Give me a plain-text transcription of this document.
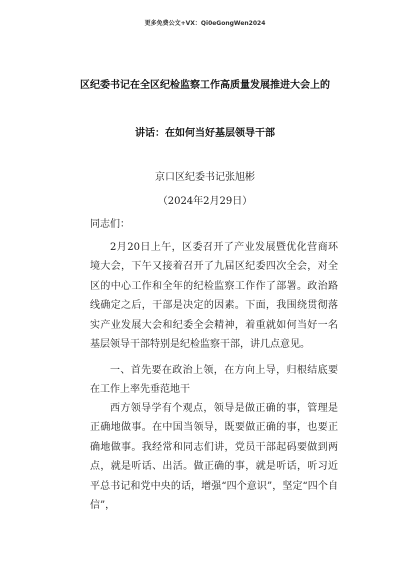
更多免费公文+VX：Qi0eGongWen2024
区纪委书记在全区纪检监察工作高质量发展推进大会上的
讲话：在如何当好基层领导干部
京口区纪委书记张旭彬
（2024年2月29日）
同志们：

2月20日上午，区委召开了产业发展暨优化营商环境大会，下午又接着召开了九届区纪委四次全会，对全区的中心工作和全年的纪检监察工作作了部署。政治路线确定之后，干部是决定的因素。下面，我围绕贯彻落实产业发展大会和纪委全会精神，着重就如何当好一名基层领导干部特别是纪检监察干部，讲几点意见。

一、首先要在政治上领，在方向上导，归根结底要在工作上率先垂范地干

西方领导学有个观点，领导是做正确的事，管理是正确地做事。在中国当领导，既要做正确的事，也要正确地做事。我经常和同志们讲，党员干部起码要做到两点，就是听话、出活。做正确的事，就是听话，听习近平总书记和党中央的话，增强“四个意识”，坚定“四个自信”，
